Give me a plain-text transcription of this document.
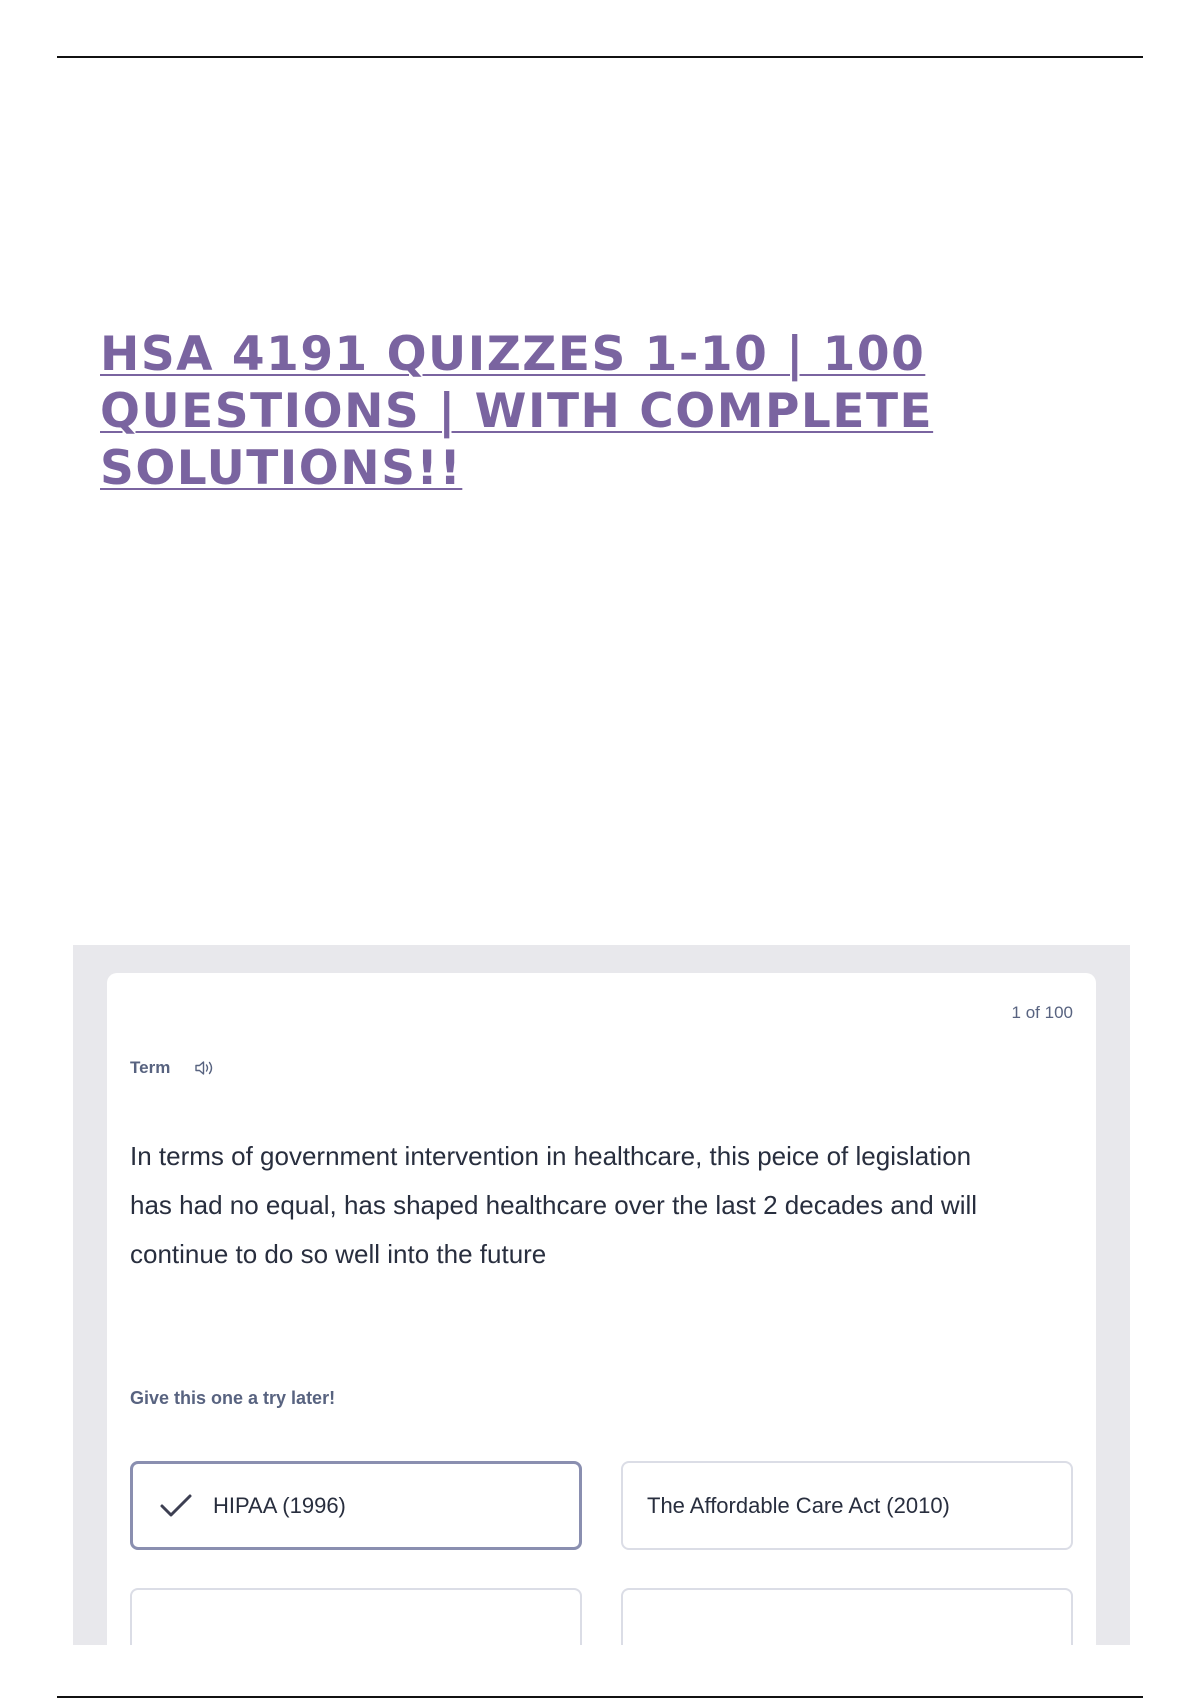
HSA 4191 QUIZZES 1-10 | 100 QUESTIONS | WITH COMPLETE SOLUTIONS!!
1 of 100
Term

In terms of government intervention in healthcare, this peice of legislation has had no equal, has shaped healthcare over the last 2 decades and will continue to do so well into the future

Give this one a try later!
HIPAA (1996)	The Affordable Care Act (2010)
